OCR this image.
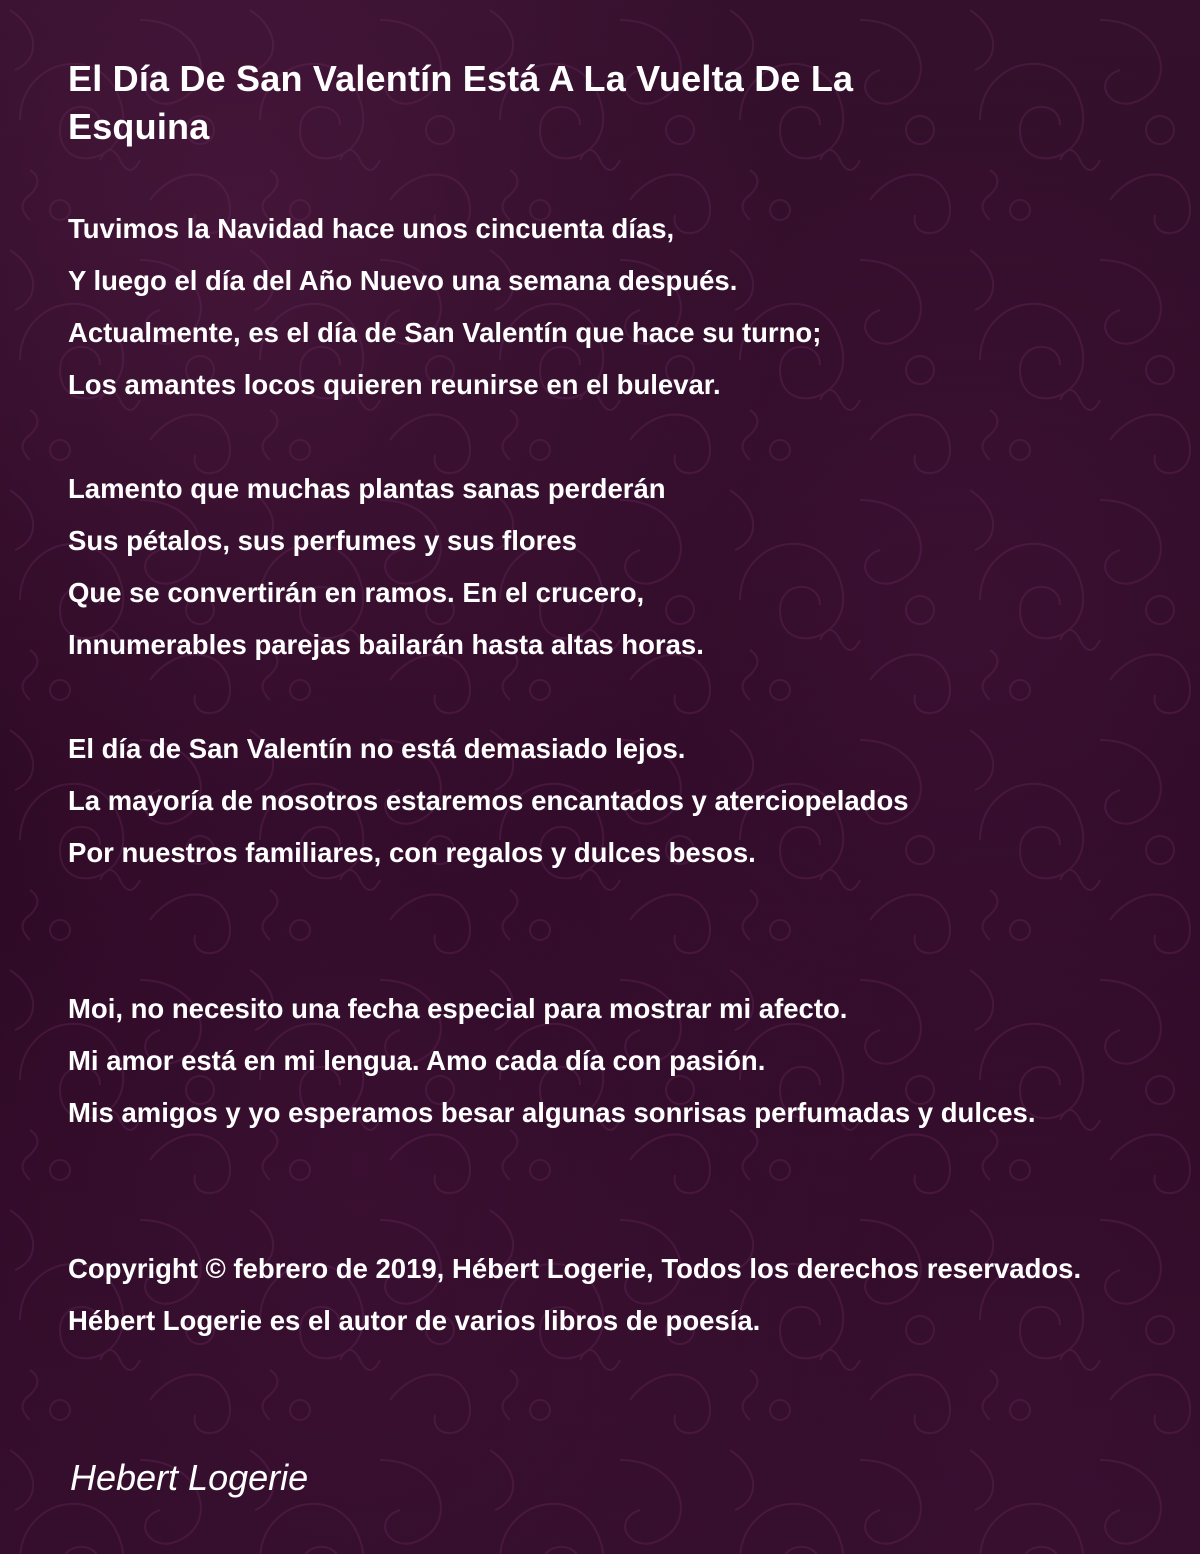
El Día De San Valentín Está A La Vuelta De La Esquina
Tuvimos la Navidad hace unos cincuenta días,
Y luego el día del Año Nuevo una semana después.
Actualmente, es el día de San Valentín que hace su turno;
Los amantes locos quieren reunirse en el bulevar.
Lamento que muchas plantas sanas perderán
Sus pétalos, sus perfumes y sus flores
Que se convertirán en ramos. En el crucero,
Innumerables parejas bailarán hasta altas horas.
El día de San Valentín no está demasiado lejos.
La mayoría de nosotros estaremos encantados y aterciopelados
Por nuestros familiares, con regalos y dulces besos.
Moi, no necesito una fecha especial para mostrar mi afecto.
Mi amor está en mi lengua. Amo cada día con pasión.
Mis amigos y yo esperamos besar algunas sonrisas perfumadas y dulces.
Copyright © febrero de 2019, Hébert Logerie, Todos los derechos reservados.
Hébert Logerie es el autor de varios libros de poesía.
Hebert Logerie
